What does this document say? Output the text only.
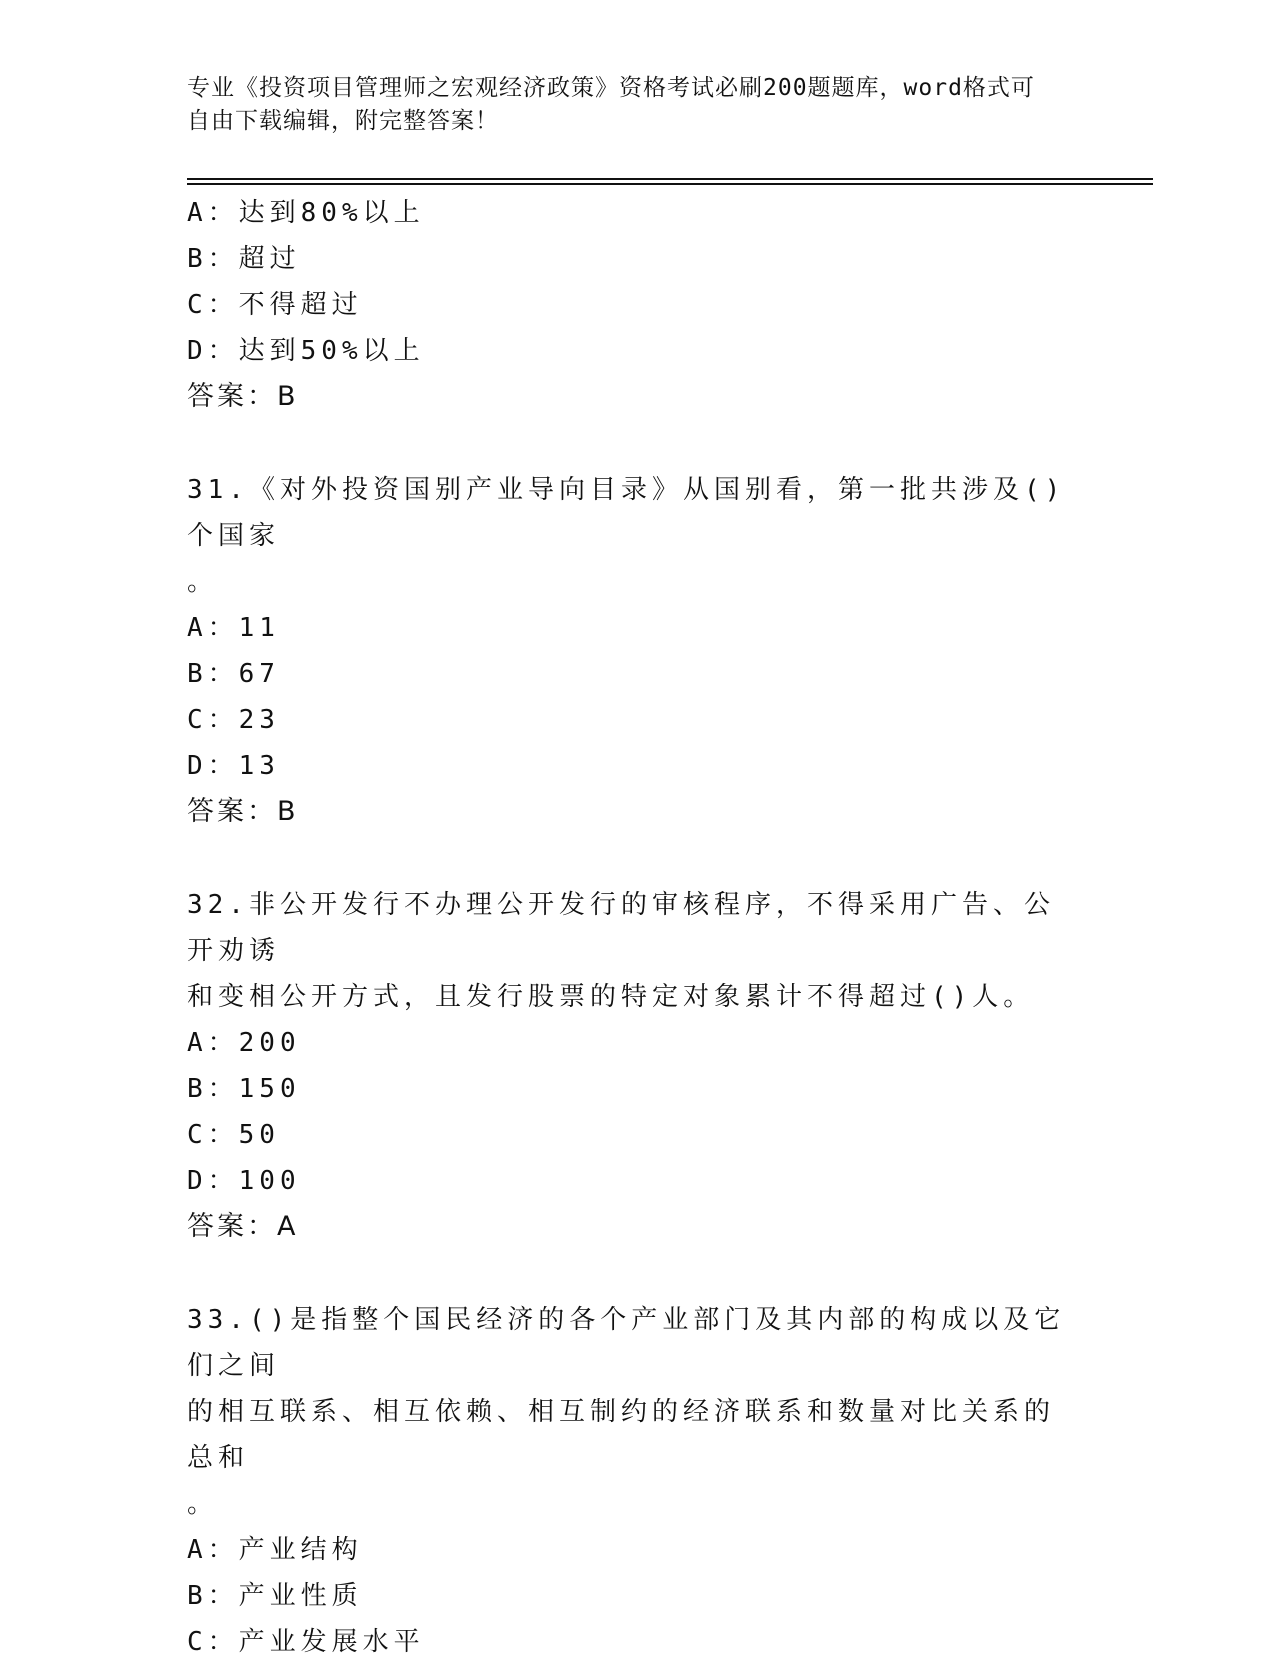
专业《投资项目管理师之宏观经济政策》资格考试必刷200题题库，word格式可
自由下载编辑，附完整答案！
A：达到80%以上
B：超过
C：不得超过
D：达到50%以上
答案：B
31.《对外投资国别产业导向目录》从国别看，第一批共涉及()个国家
。
A：11
B：67
C：23
D：13
答案：B
32.非公开发行不办理公开发行的审核程序，不得采用广告、公开劝诱
和变相公开方式，且发行股票的特定对象累计不得超过()人。
A：200
B：150
C：50
D：100
答案：A
33.()是指整个国民经济的各个产业部门及其内部的构成以及它们之间
的相互联系、相互依赖、相互制约的经济联系和数量对比关系的总和
。
A：产业结构
B：产业性质
C：产业发展水平
